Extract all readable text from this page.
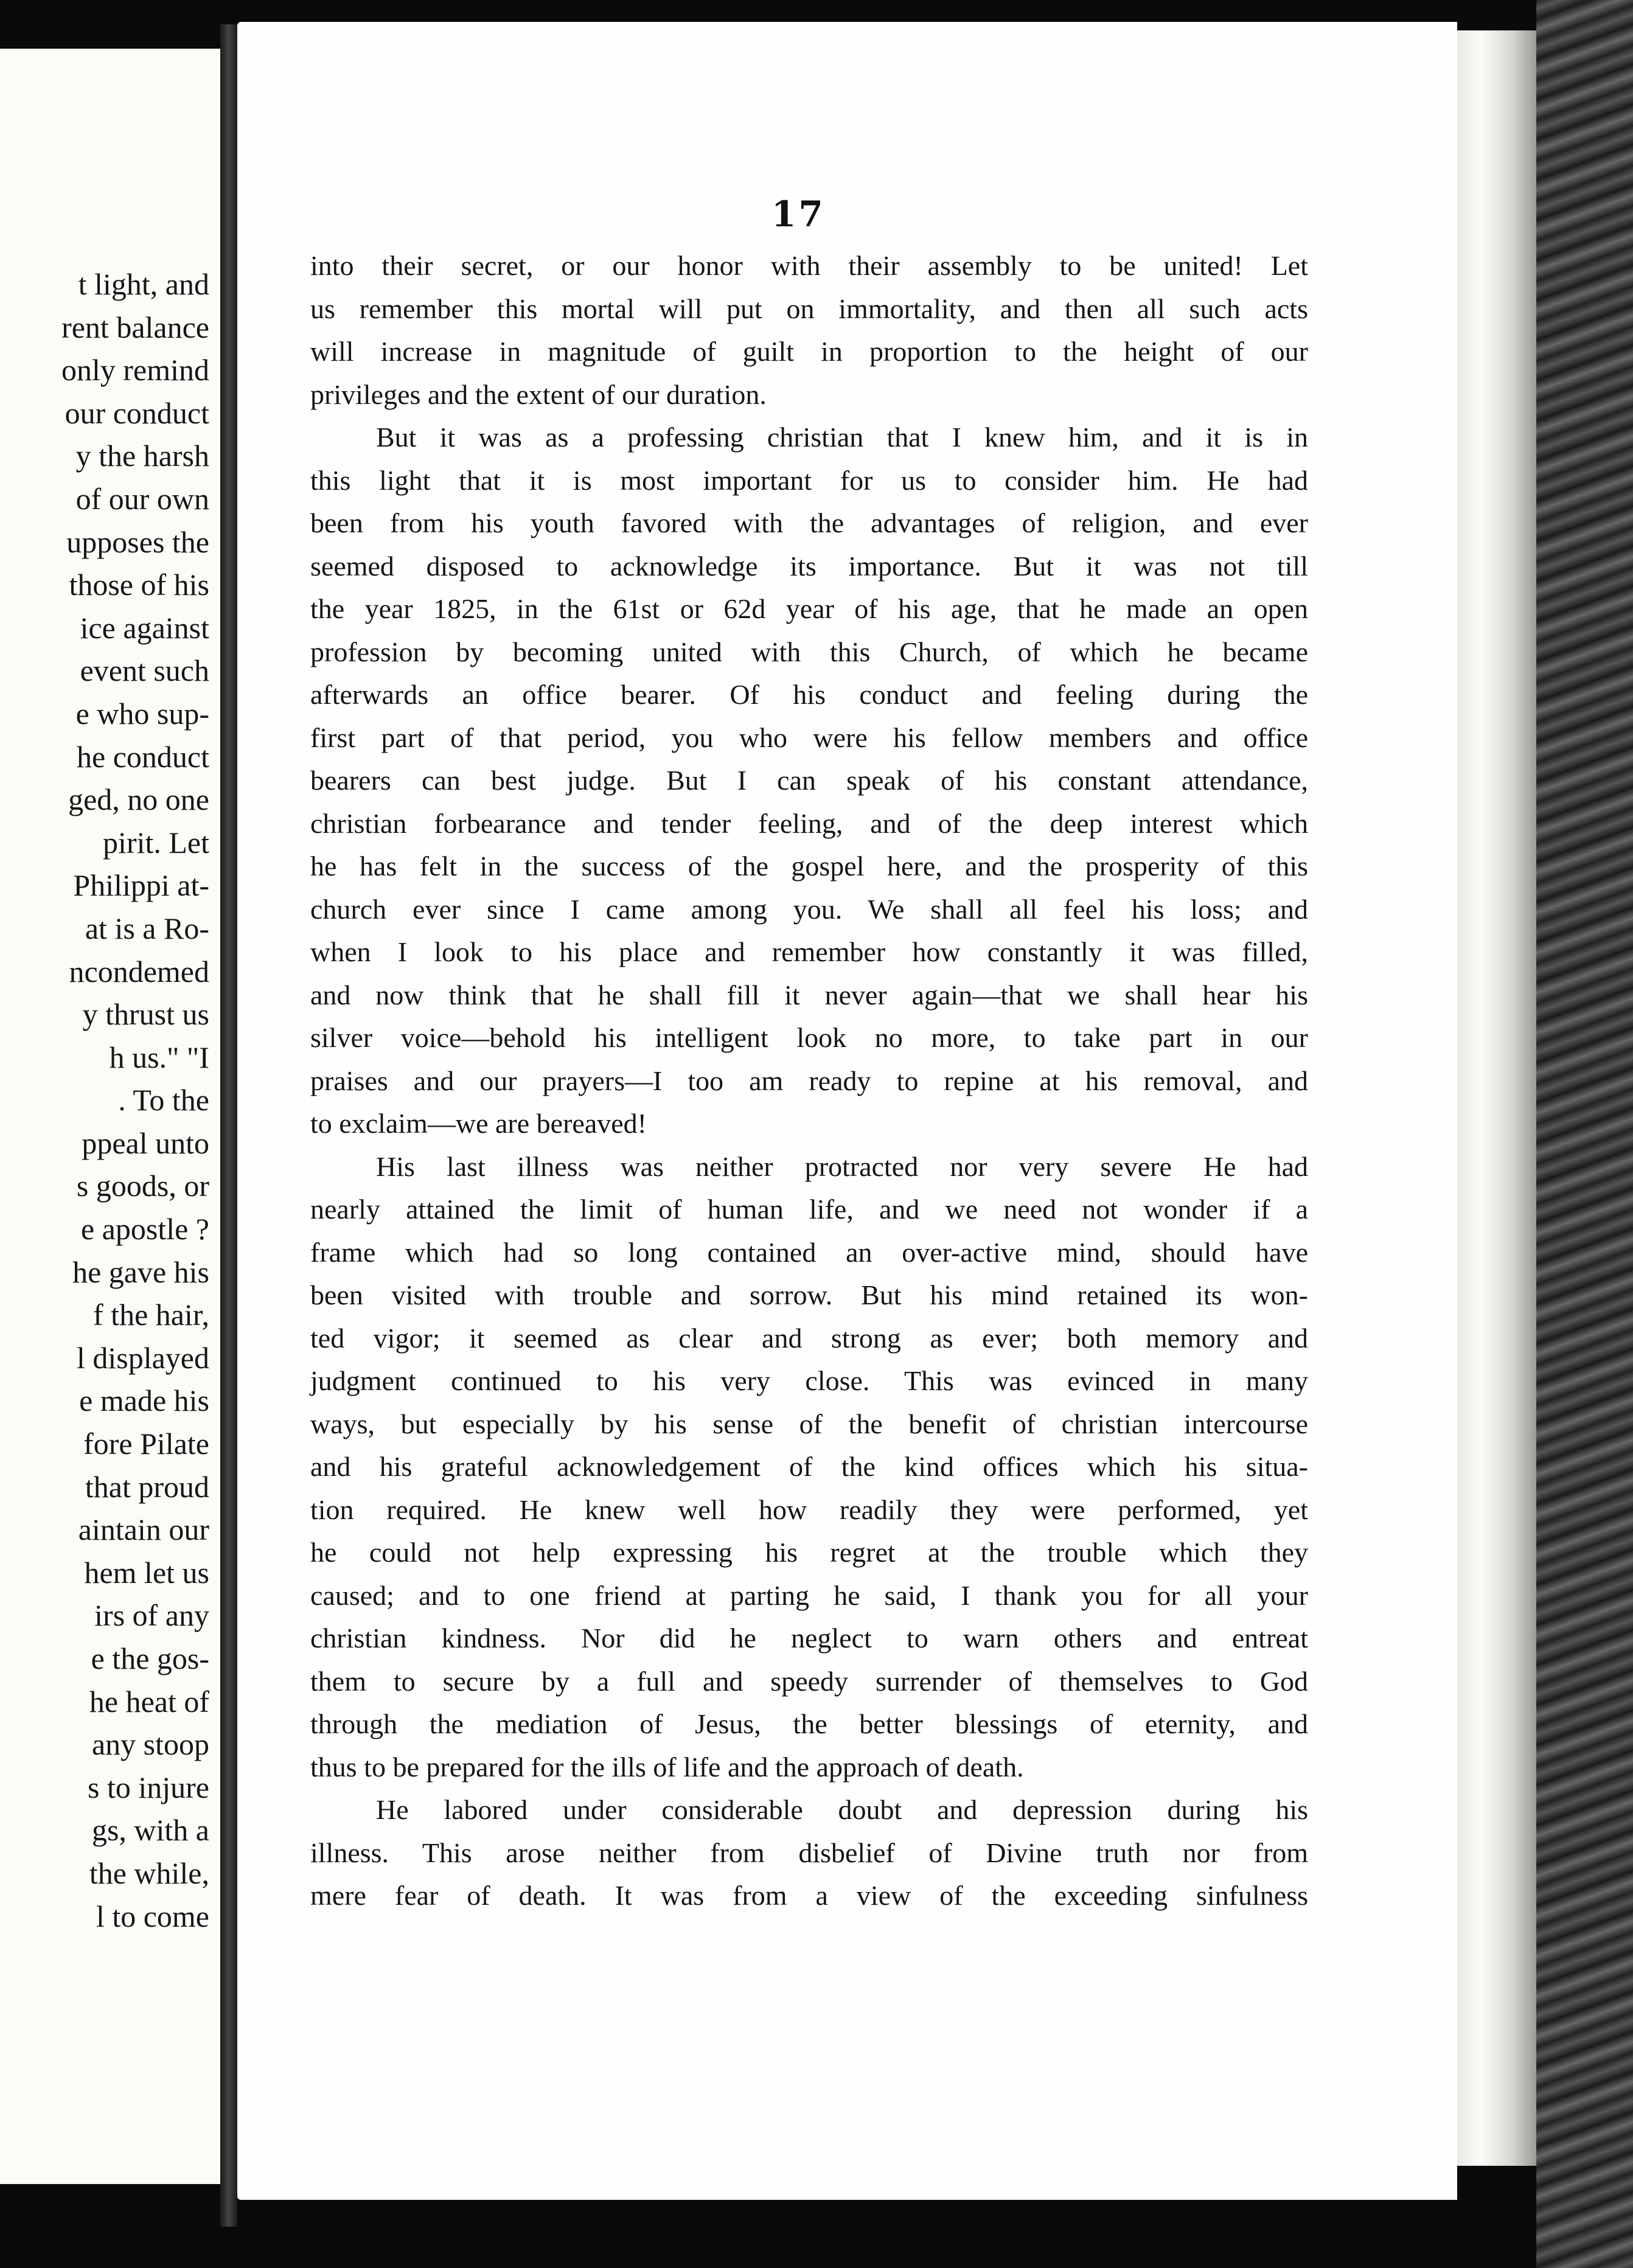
t light, and
rent balance
only remind
our conduct
y the harsh
of our own
upposes the
those of his
ice against
event such
e who sup-
he conduct
ged, no one
pirit. Let
Philippi at-
at is a Ro-
ncondemed
y thrust us
h us." "I
. To the
ppeal unto
s goods, or
e apostle ?
he gave his
f the hair,
l displayed
e made his
fore Pilate
that proud
aintain our
hem let us
irs of any
e the gos-
he heat of
any stoop
s to injure
gs, with a
the while,
l to come
17
into their secret, or our honor with their assembly to be united! Let
us remember this mortal will put on immortality, and then all such acts
will increase in magnitude of guilt in proportion to the height of our
privileges and the extent of our duration.
But it was as a professing christian that I knew him, and it is in
this light that it is most important for us to consider him. He had
been from his youth favored with the advantages of religion, and ever
seemed disposed to acknowledge its importance. But it was not till
the year 1825, in the 61st or 62d year of his age, that he made an open
profession by becoming united with this Church, of which he became
afterwards an office bearer. Of his conduct and feeling during the
first part of that period, you who were his fellow members and office
bearers can best judge. But I can speak of his constant attendance,
christian forbearance and tender feeling, and of the deep interest which
he has felt in the success of the gospel here, and the prosperity of this
church ever since I came among you. We shall all feel his loss; and
when I look to his place and remember how constantly it was filled,
and now think that he shall fill it never again—that we shall hear his
silver voice—behold his intelligent look no more, to take part in our
praises and our prayers—I too am ready to repine at his removal, and
to exclaim—we are bereaved!
His last illness was neither protracted nor very severe He had
nearly attained the limit of human life, and we need not wonder if a
frame which had so long contained an over-active mind, should have
been visited with trouble and sorrow. But his mind retained its won-
ted vigor; it seemed as clear and strong as ever; both memory and
judgment continued to his very close. This was evinced in many
ways, but especially by his sense of the benefit of christian intercourse
and his grateful acknowledgement of the kind offices which his situa-
tion required. He knew well how readily they were performed, yet
he could not help expressing his regret at the trouble which they
caused; and to one friend at parting he said, I thank you for all your
christian kindness. Nor did he neglect to warn others and entreat
them to secure by a full and speedy surrender of themselves to God
through the mediation of Jesus, the better blessings of eternity, and
thus to be prepared for the ills of life and the approach of death.
He labored under considerable doubt and depression during his
illness. This arose neither from disbelief of Divine truth nor from
mere fear of death. It was from a view of the exceeding sinfulness
